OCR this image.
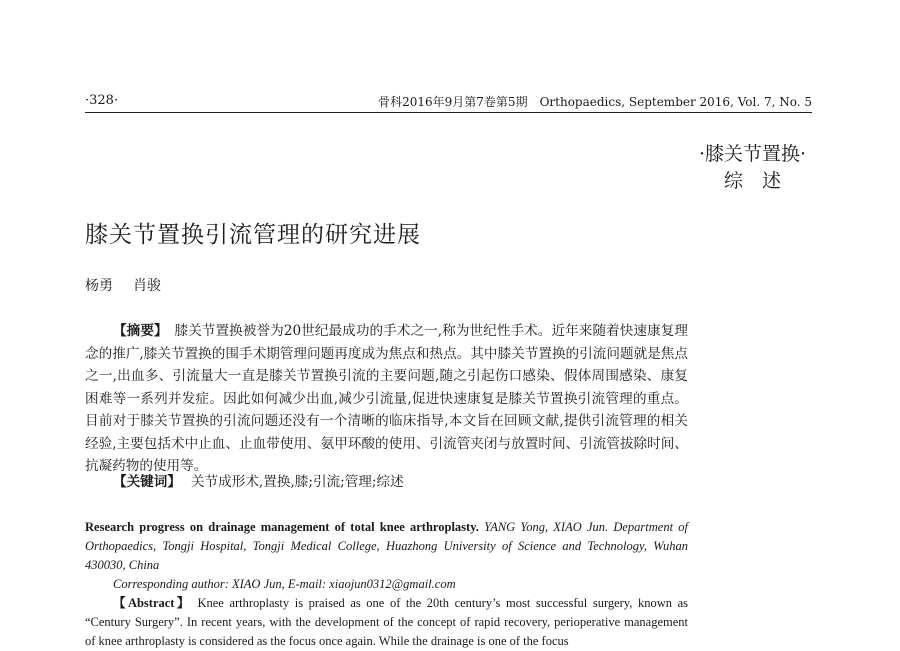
·328·	骨科2016年9月第7卷第5期　Orthopaedics, September 2016, Vol. 7, No. 5
·膝关节置换·
综　述
膝关节置换引流管理的研究进展
杨勇 肖骏

【摘要】　 膝关节置换被誉为20世纪最成功的手术之一,称为世纪性手术。近年来随着快速康复理念的推广,膝关节置换的围手术期管理问题再度成为焦点和热点。其中膝关节置换的引流问题就是焦点之一,出血多、引流量大一直是膝关节置换引流的主要问题,随之引起伤口感染、假体周围感染、康复困难等一系列并发症。因此如何减少出血,减少引流量,促进快速康复是膝关节置换引流管理的重点。目前对于膝关节置换的引流问题还没有一个清晰的临床指导,本文旨在回顾文献,提供引流管理的相关经验,主要包括术中止血、止血带使用、氨甲环酸的使用、引流管夹闭与放置时间、引流管拔除时间、抗凝药物的使用等。

【关键词】 关节成形术,置换,膝;引流;管理;综述

Research progress on drainage management of total knee arthroplasty. YANG Yong, XIAO Jun. Department of Orthopaedics, Tongji Hospital, Tongji Medical College, Huazhong University of Science and Technology, Wuhan 430030, China

Corresponding author: XIAO Jun, E-mail: xiaojun0312@gmail.com

【Abstract】 Knee arthroplasty is praised as one of the 20th century’s most successful surgery, known as “Century Surgery”. In recent years, with the development of the concept of rapid recovery, perioperative management of knee arthroplasty is considered as the focus once again. While the drainage is one of the focus
